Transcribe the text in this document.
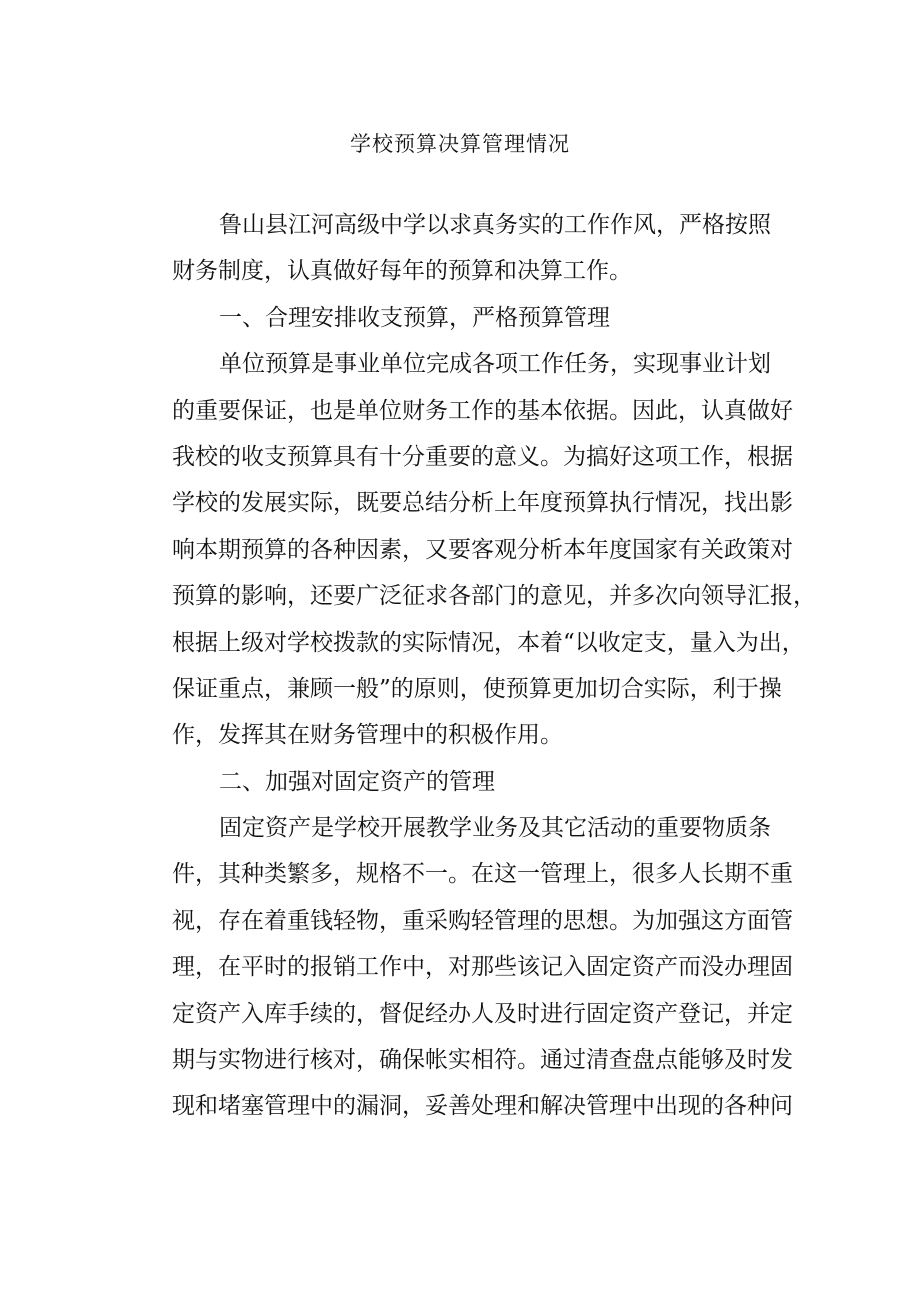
学校预算决算管理情况
鲁山县江河高级中学以求真务实的工作作风，严格按照
财务制度，认真做好每年的预算和决算工作。
一、合理安排收支预算，严格预算管理
单位预算是事业单位完成各项工作任务，实现事业计划
的重要保证，也是单位财务工作的基本依据。因此，认真做好
我校的收支预算具有十分重要的意义。为搞好这项工作，根据
学校的发展实际，既要总结分析上年度预算执行情况，找出影
响本期预算的各种因素，又要客观分析本年度国家有关政策对
预算的影响，还要广泛征求各部门的意见，并多次向领导汇报，
根据上级对学校拨款的实际情况，本着“以收定支，量入为出，
保证重点，兼顾一般”的原则，使预算更加切合实际，利于操
作，发挥其在财务管理中的积极作用。
二、加强对固定资产的管理
固定资产是学校开展教学业务及其它活动的重要物质条
件，其种类繁多，规格不一。在这一管理上，很多人长期不重
视，存在着重钱轻物，重采购轻管理的思想。为加强这方面管
理，在平时的报销工作中，对那些该记入固定资产而没办理固
定资产入库手续的，督促经办人及时进行固定资产登记，并定
期与实物进行核对，确保帐实相符。通过清查盘点能够及时发
现和堵塞管理中的漏洞，妥善处理和解决管理中出现的各种问
